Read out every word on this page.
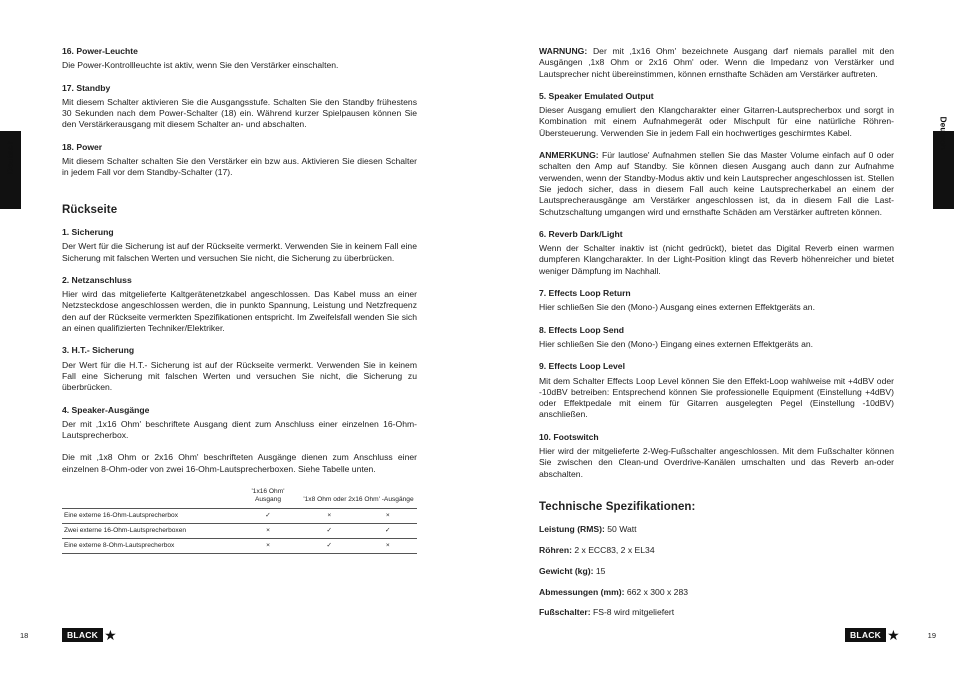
Deutsch
16. Power-Leuchte
Die Power-Kontrollleuchte ist aktiv, wenn Sie den Verstärker einschalten.
17. Standby
Mit diesem Schalter aktivieren Sie die Ausgangsstufe. Schalten Sie den Standby frühestens 30 Sekunden nach dem Power-Schalter (18) ein. Während kurzer Spielpausen können Sie den Verstärkerausgang mit diesem Schalter an- und abschalten.
18. Power
Mit diesem Schalter schalten Sie den Verstärker ein bzw aus. Aktivieren Sie diesen Schalter in jedem Fall vor dem Standby-Schalter (17).
Rückseite
1. Sicherung
Der Wert für die Sicherung ist auf der Rückseite vermerkt. Verwenden Sie in keinem Fall eine Sicherung mit falschen Werten und versuchen Sie nicht, die Sicherung zu überbrücken.
2. Netzanschluss
Hier wird das mitgelieferte Kaltgerätenetzkabel angeschlossen. Das Kabel muss an einer Netzsteckdose angeschlossen werden, die in punkto Spannung, Leistung und Netzfrequenz den auf der Rückseite vermerkten Spezifikationen entspricht. Im Zweifelsfall wenden Sie sich an einen qualifizierten Techniker/Elektriker.
3. H.T.- Sicherung
Der Wert für die H.T.- Sicherung ist auf der Rückseite vermerkt. Verwenden Sie in keinem Fall eine Sicherung mit falschen Werten und versuchen Sie nicht, die Sicherung zu überbrücken.
4. Speaker-Ausgänge
Der mit ‚1x16 Ohm' beschriftete Ausgang dient zum Anschluss einer einzelnen 16-Ohm-Lautsprecherbox.
Die mit ‚1x8 Ohm or 2x16 Ohm' beschrifteten Ausgänge dienen zum Anschluss einer einzelnen 8-Ohm-oder von zwei 16-Ohm-Lautsprecherboxen. Siehe Tabelle unten.
	'1x16 Ohm' Ausgang	'1x8 Ohm oder 2x16 Ohm' -Ausgänge	
Eine externe 16-Ohm-Lautsprecherbox	✓	×	×
Zwei externe 16-Ohm-Lautsprecherboxen	×	✓	✓
Eine externe 8-Ohm-Lautsprecherbox	×	✓	×
18	BLACK ★
Deutsch
WARNUNG: Der mit ‚1x16 Ohm' bezeichnete Ausgang darf niemals parallel mit den Ausgängen ‚1x8 Ohm or 2x16 Ohm' oder. Wenn die Impedanz von Verstärker und Lautsprecher nicht übereinstimmen, können ernsthafte Schäden am Verstärker auftreten.
5. Speaker Emulated Output
Dieser Ausgang emuliert den Klangcharakter einer Gitarren-Lautsprecherbox und sorgt in Kombination mit einem Aufnahmegerät oder Mischpult für eine natürliche Röhren-Übersteuerung. Verwenden Sie in jedem Fall ein hochwertiges geschirmtes Kabel.
ANMERKUNG: Für lautlose' Aufnahmen stellen Sie das Master Volume einfach auf 0 oder schalten den Amp auf Standby. Sie können diesen Ausgang auch dann zur Aufnahme verwenden, wenn der Standby-Modus aktiv und kein Lautsprecher angeschlossen ist. Stellen Sie jedoch sicher, dass in diesem Fall auch keine Lautsprecherkabel an einem der Lautsprecherausgänge am Verstärker angeschlossen ist, da in diesem Fall die Last-Schutzschaltung umgangen wird und ernsthafte Schäden am Verstärker auftreten können.
6. Reverb Dark/Light
Wenn der Schalter inaktiv ist (nicht gedrückt), bietet das Digital Reverb einen warmen dumpferen Klangcharakter. In der Light-Position klingt das Reverb höhenreicher und bietet weniger Dämpfung im Nachhall.
7. Effects Loop Return
Hier schließen Sie den (Mono-) Ausgang eines externen Effektgeräts an.
8. Effects Loop Send
Hier schließen Sie den (Mono-) Eingang eines externen Effektgeräts an.
9. Effects Loop Level
Mit dem Schalter Effects Loop Level können Sie den Effekt-Loop wahlweise mit +4dBV oder -10dBV betreiben: Entsprechend können Sie professionelle Equipment (Einstellung +4dBV) oder Effektpedale mit einem für Gitarren ausgelegten Pegel (Einstellung -10dBV) anschließen.
10. Footswitch
Hier wird der mitgelieferte 2-Weg-Fußschalter angeschlossen. Mit dem Fußschalter können Sie zwischen den Clean-und Overdrive-Kanälen umschalten und das Reverb an-oder abschalten.
Technische Spezifikationen:
Leistung (RMS): 50 Watt
Röhren: 2 x ECC83, 2 x EL34
Gewicht (kg): 15
Abmessungen (mm): 662 x 300 x 283
Fußschalter: FS-8 wird mitgeliefert
19
BLACK ★
